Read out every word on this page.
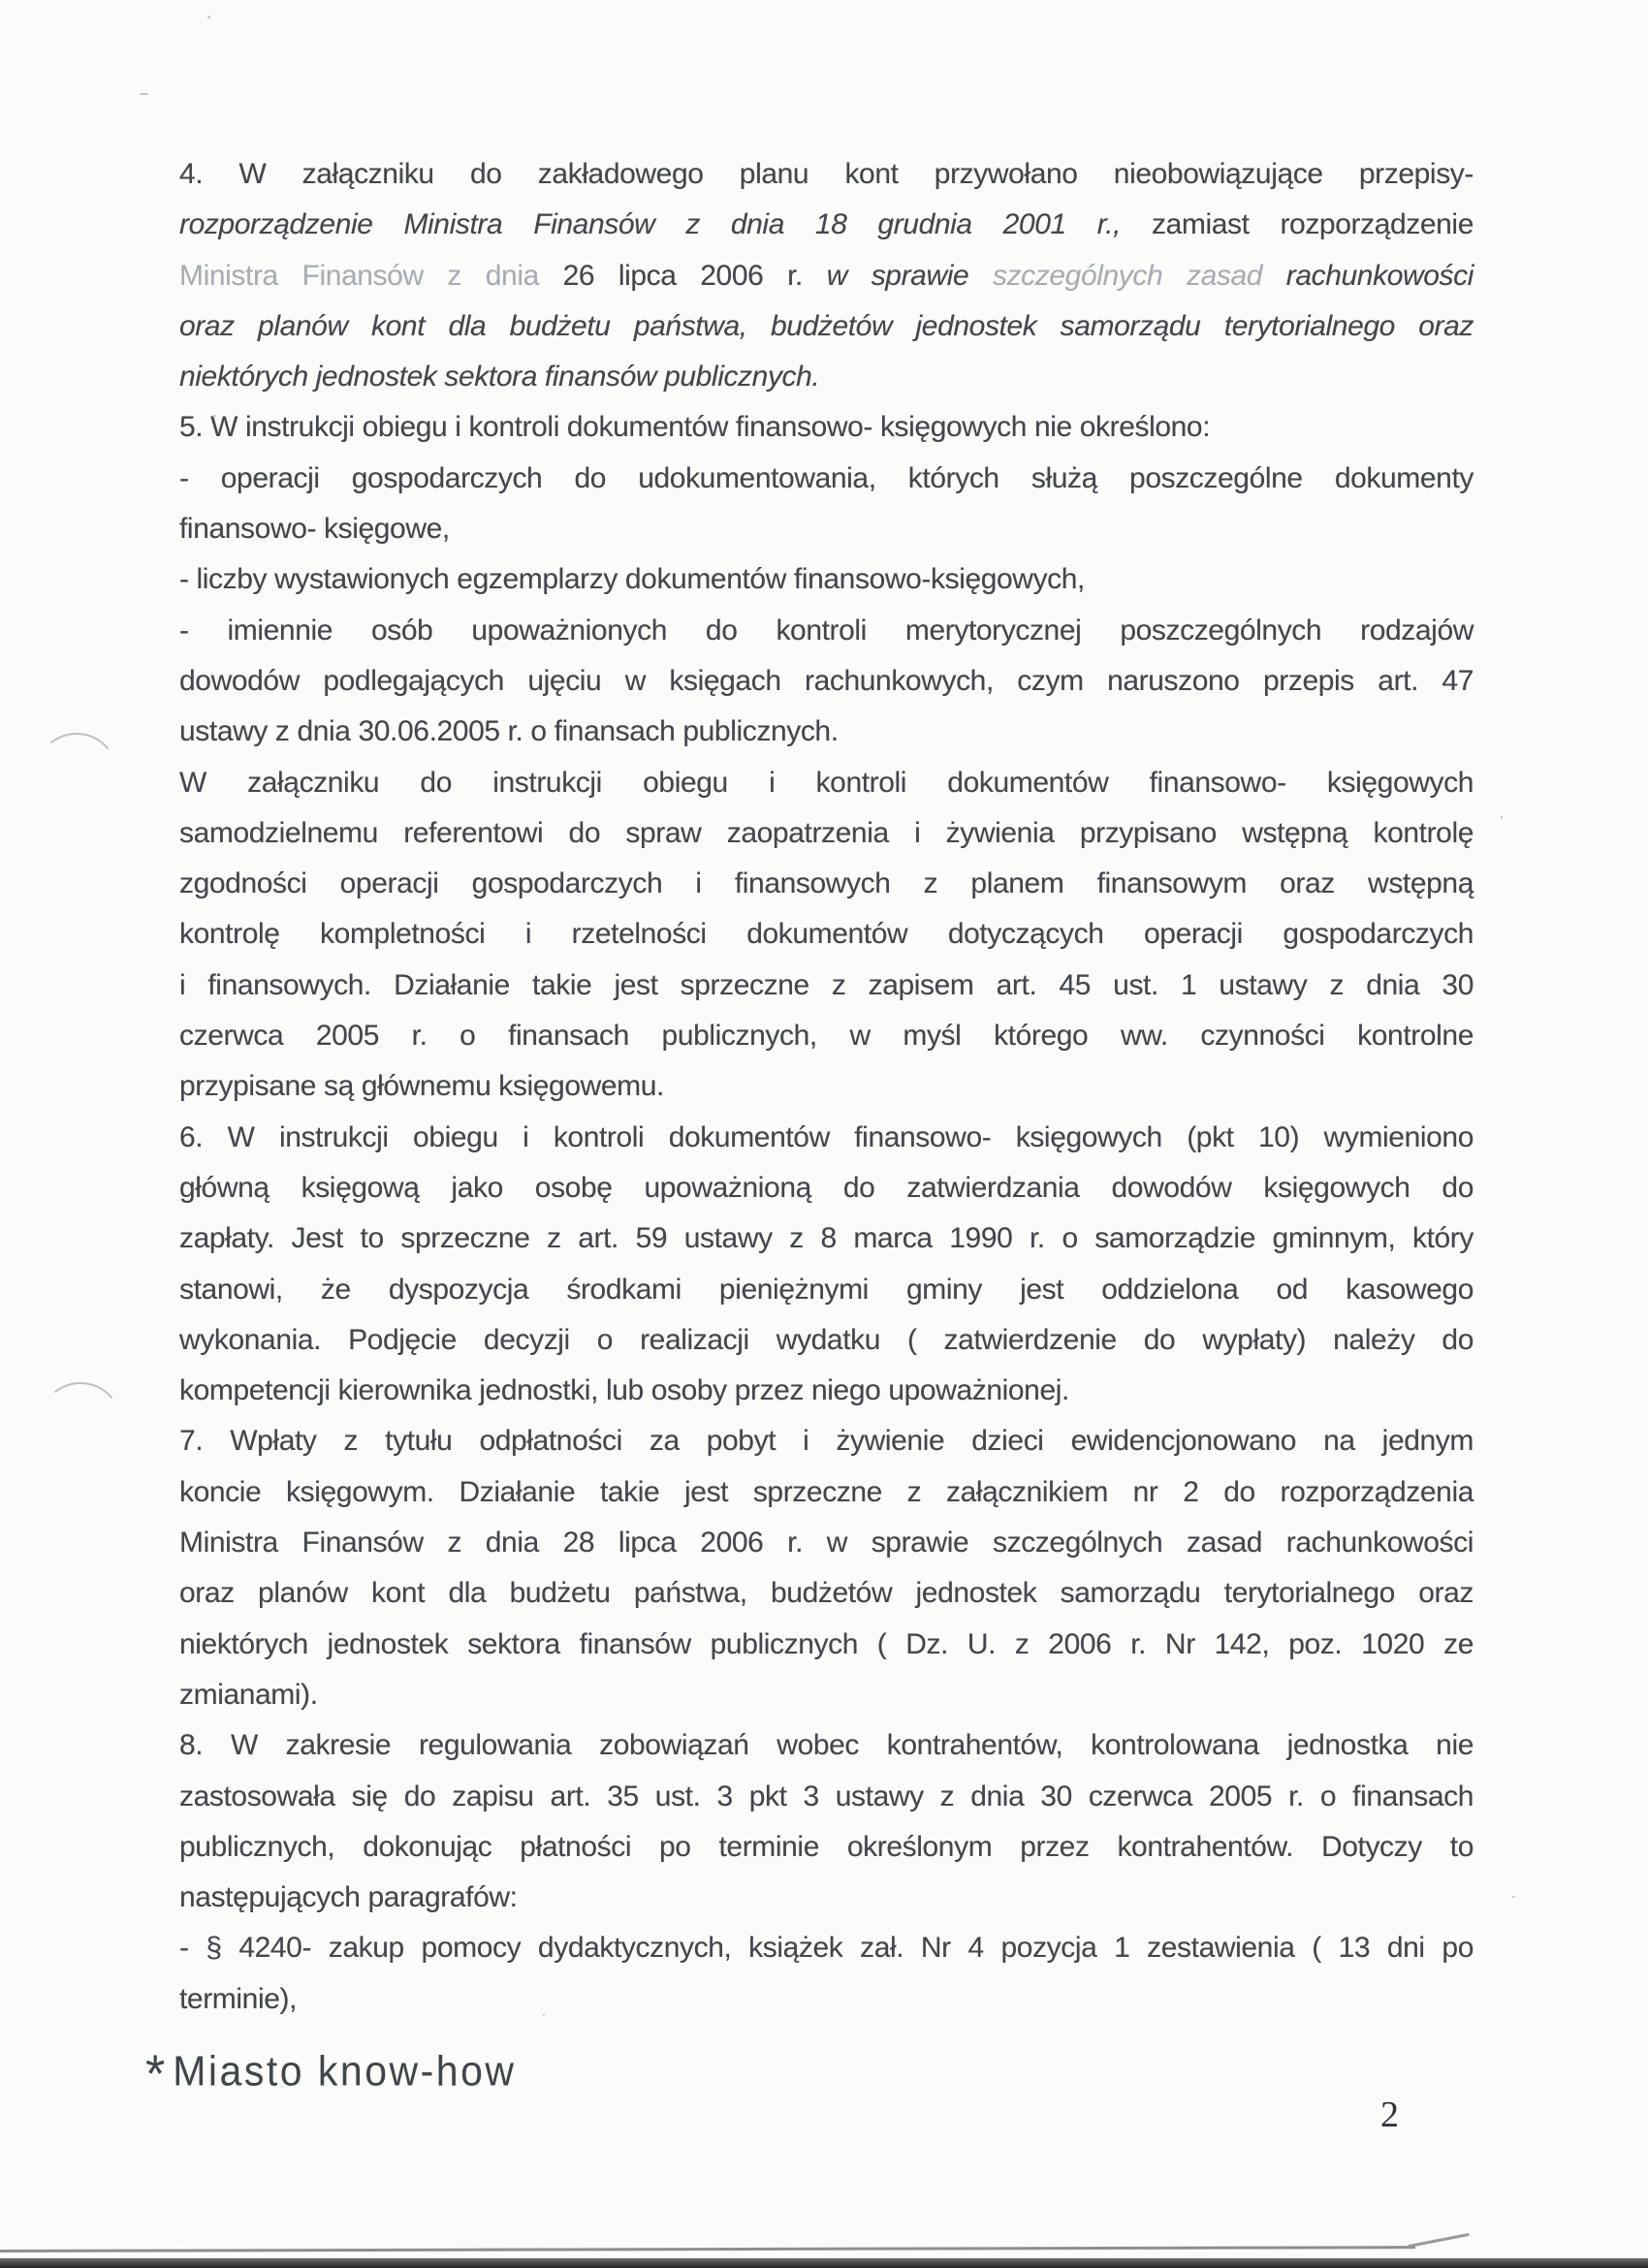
4. W załączniku do zakładowego planu kont przywołano nieobowiązujące przepisy-
rozporządzenie Ministra Finansów z dnia 18 grudnia 2001 r., zamiast rozporządzenie
Ministra Finansów z dnia 26 lipca 2006 r. w sprawie szczególnych zasad rachunkowości
oraz planów kont dla budżetu państwa, budżetów jednostek samorządu terytorialnego oraz
niektórych jednostek sektora finansów publicznych.
5. W instrukcji obiegu i kontroli dokumentów finansowo- księgowych nie określono:
- operacji gospodarczych do udokumentowania, których służą poszczególne dokumenty
finansowo- księgowe,
- liczby wystawionych egzemplarzy dokumentów finansowo-księgowych,
- imiennie osób upoważnionych do kontroli merytorycznej poszczególnych rodzajów
dowodów podlegających ujęciu w księgach rachunkowych, czym naruszono przepis art. 47
ustawy z dnia 30.06.2005 r. o finansach publicznych.
W załączniku do instrukcji obiegu i kontroli dokumentów finansowo- księgowych
samodzielnemu referentowi do spraw zaopatrzenia i żywienia przypisano wstępną kontrolę
zgodności operacji gospodarczych i finansowych z planem finansowym oraz wstępną
kontrolę kompletności i rzetelności dokumentów dotyczących operacji gospodarczych
i finansowych. Działanie takie jest sprzeczne z zapisem art. 45 ust. 1 ustawy z dnia 30
czerwca 2005 r. o finansach publicznych, w myśl którego ww. czynności kontrolne
przypisane są głównemu księgowemu.
6. W instrukcji obiegu i kontroli dokumentów finansowo- księgowych (pkt 10) wymieniono
główną księgową jako osobę upoważnioną do zatwierdzania dowodów księgowych do
zapłaty. Jest to sprzeczne z art. 59 ustawy z 8 marca 1990 r. o samorządzie gminnym, który
stanowi, że dyspozycja środkami pieniężnymi gminy jest oddzielona od kasowego
wykonania. Podjęcie decyzji o realizacji wydatku ( zatwierdzenie do wypłaty) należy do
kompetencji kierownika jednostki, lub osoby przez niego upoważnionej.
7. Wpłaty z tytułu odpłatności za pobyt i żywienie dzieci ewidencjonowano na jednym
koncie księgowym. Działanie takie jest sprzeczne z załącznikiem nr 2 do rozporządzenia
Ministra Finansów z dnia 28 lipca 2006 r. w sprawie szczególnych zasad rachunkowości
oraz planów kont dla budżetu państwa, budżetów jednostek samorządu terytorialnego oraz
niektórych jednostek sektora finansów publicznych ( Dz. U. z 2006 r. Nr 142, poz. 1020 ze
zmianami).
8. W zakresie regulowania zobowiązań wobec kontrahentów, kontrolowana jednostka nie
zastosowała się do zapisu art. 35 ust. 3 pkt 3 ustawy z dnia 30 czerwca 2005 r. o finansach
publicznych, dokonując płatności po terminie określonym przez kontrahentów. Dotyczy to
następujących paragrafów:
- § 4240- zakup pomocy dydaktycznych, książek zał. Nr 4 pozycja 1 zestawienia ( 13 dni po
terminie),
* Miasto know-how
2
